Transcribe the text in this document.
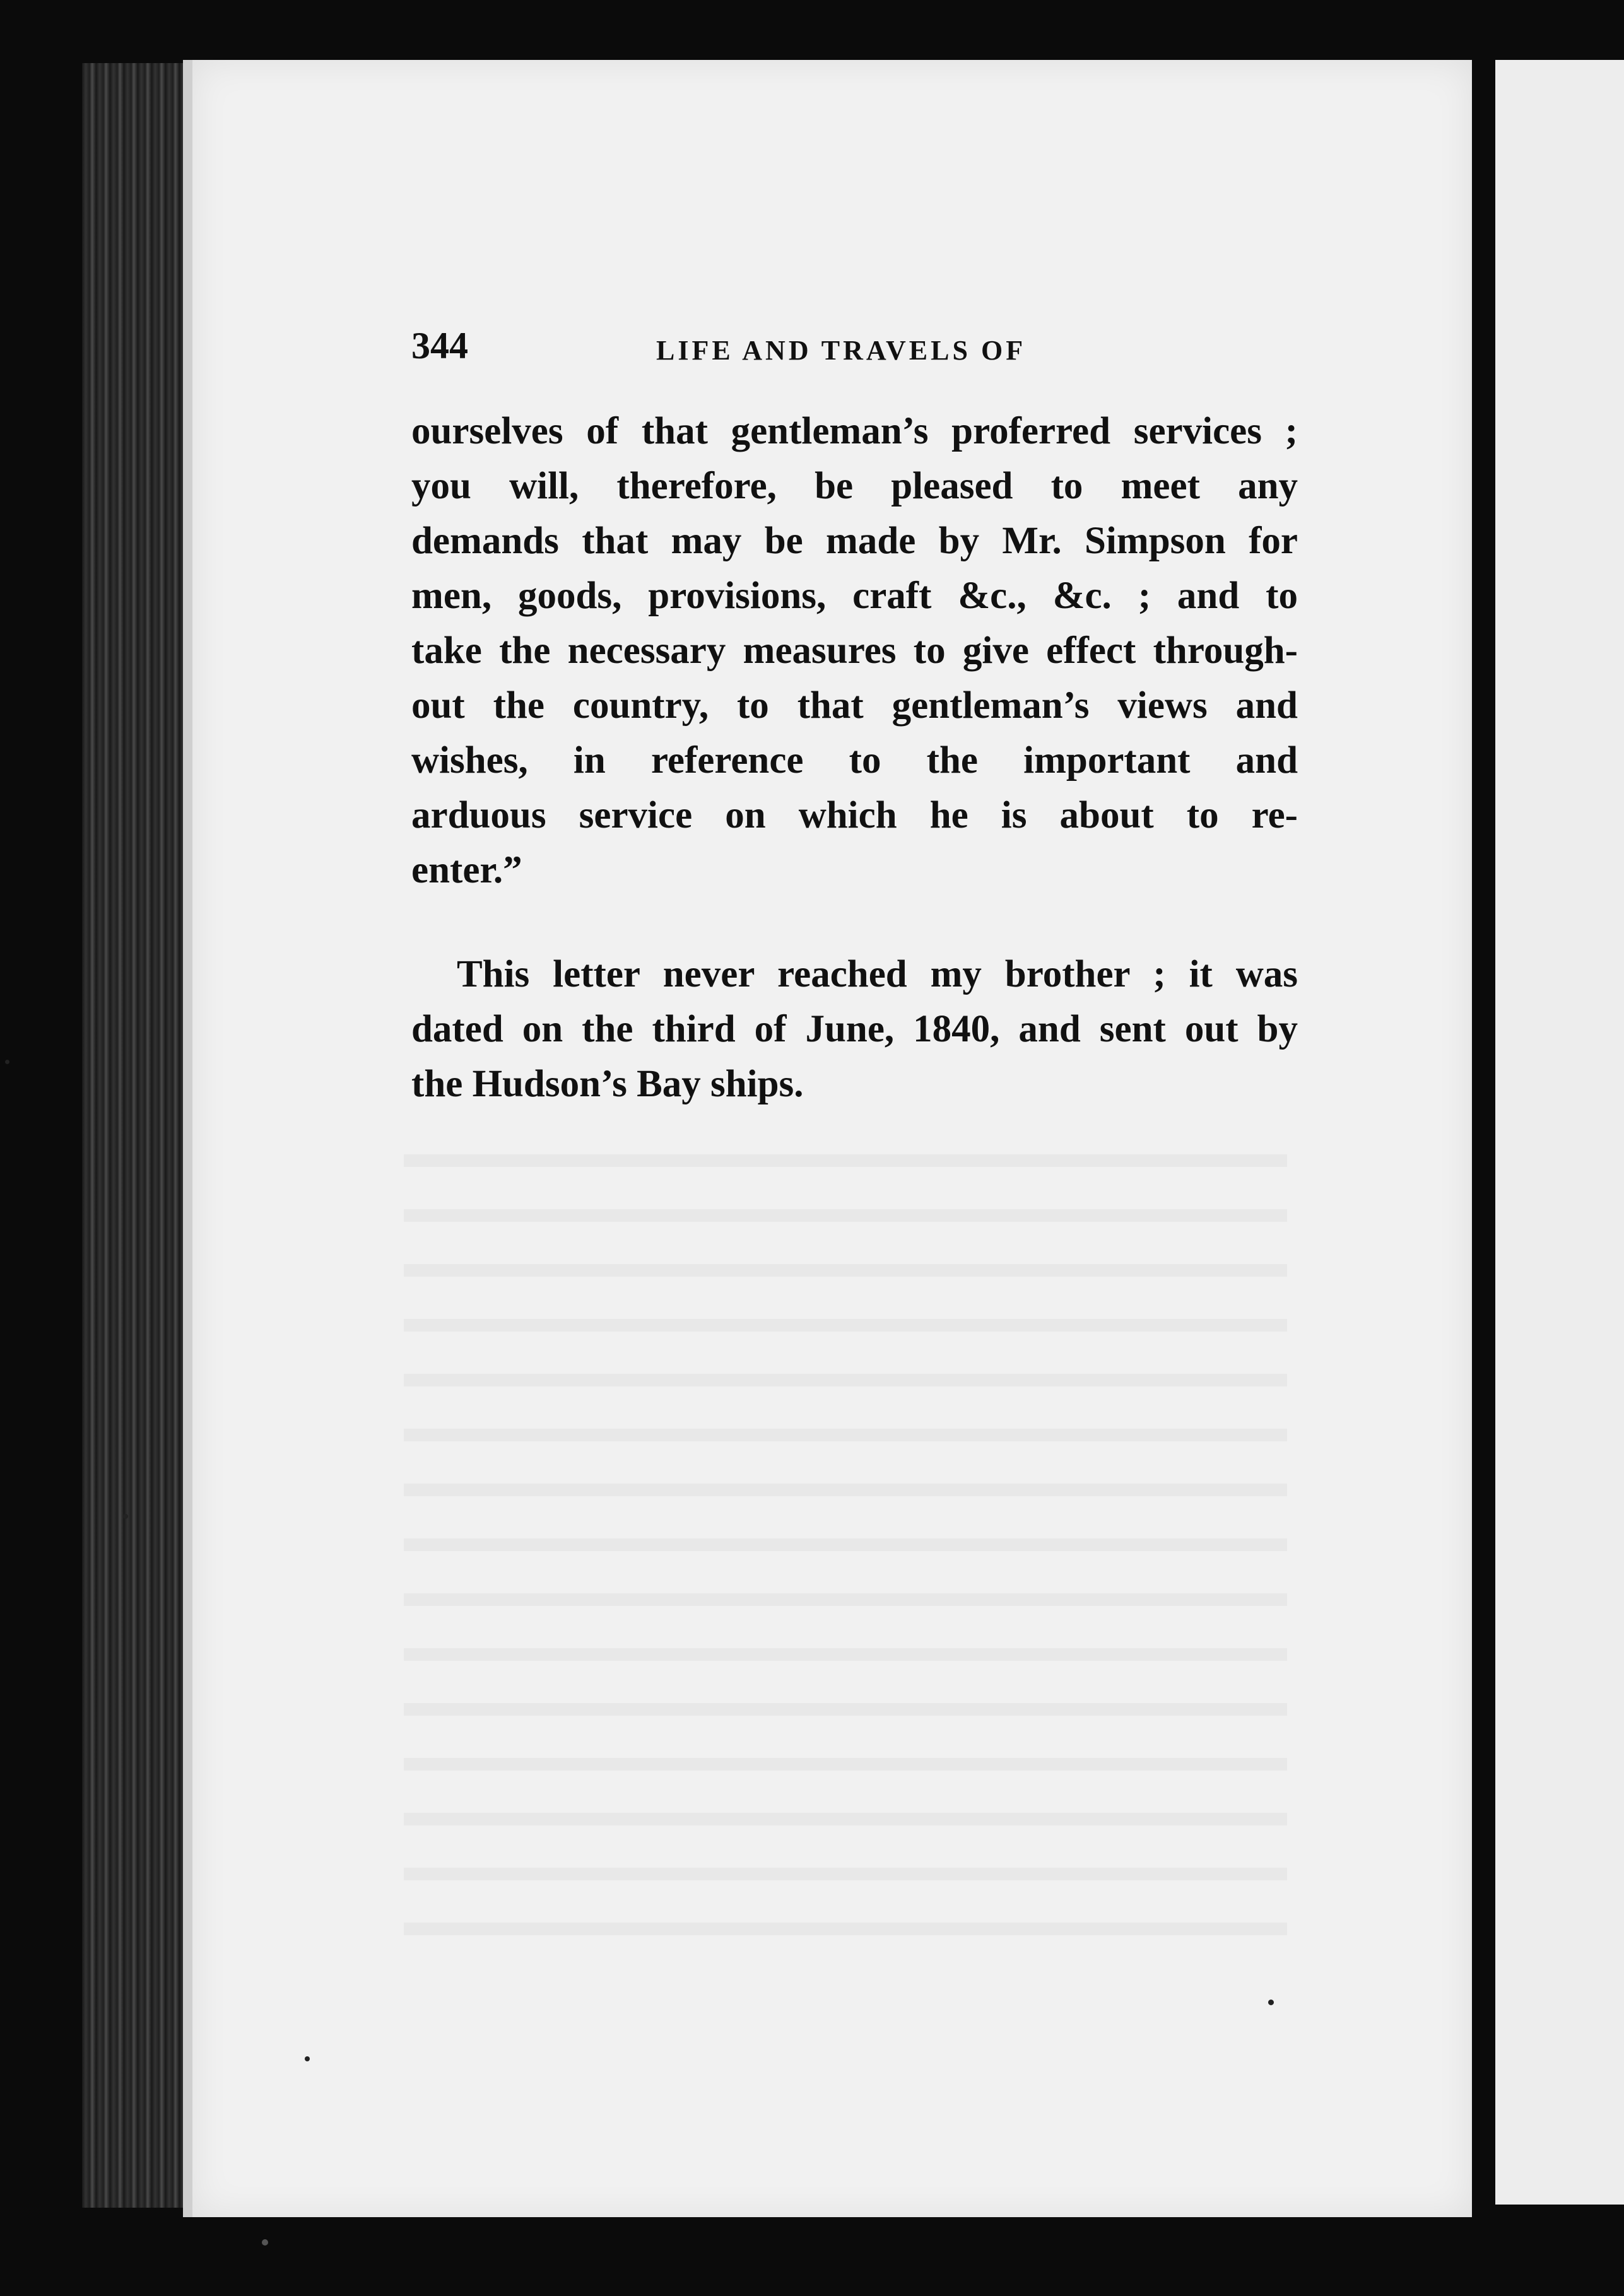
344	LIFE AND TRAVELS OF
ourselves of that gentleman’s proferred services ;
you will, therefore, be pleased to meet any
demands that may be made by Mr. Simpson for
men, goods, provisions, craft &c., &c. ; and to
take the necessary measures to give effect through-
out the country, to that gentleman’s views and
wishes, in reference to the important and
arduous service on which he is about to re-
enter.”
This letter never reached my brother ; it was
dated on the third of June, 1840, and sent out by
the Hudson’s Bay ships.
